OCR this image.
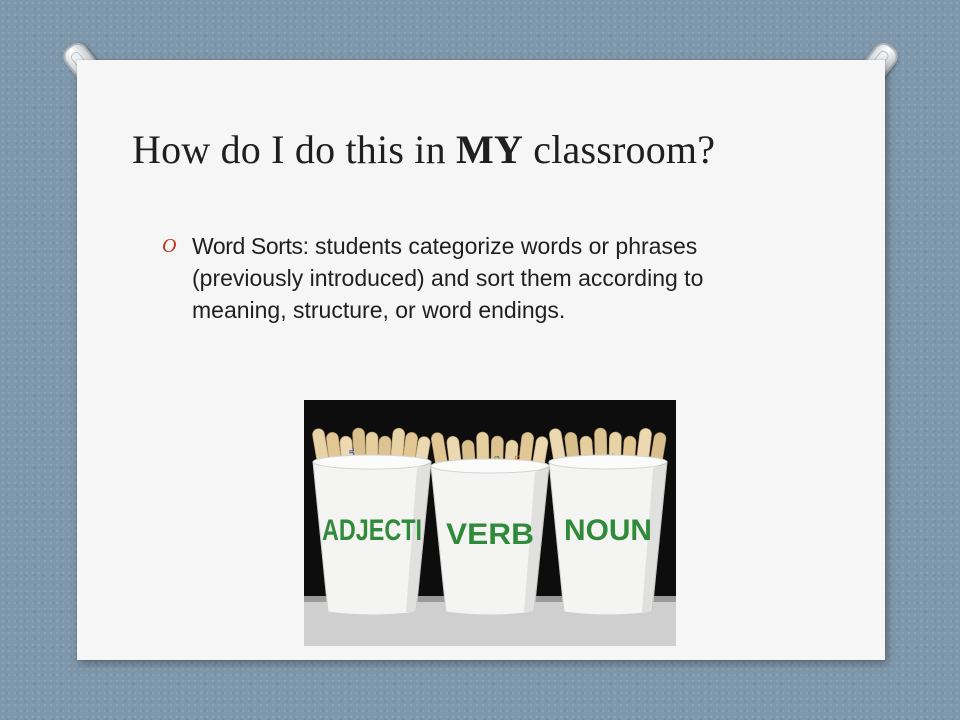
How do I do this in MY classroom?
O Word Sorts: students categorize words or phrases (previously introduced) and sort them according to meaning, structure, or word endings.

ADJECTI VERB NOUN
